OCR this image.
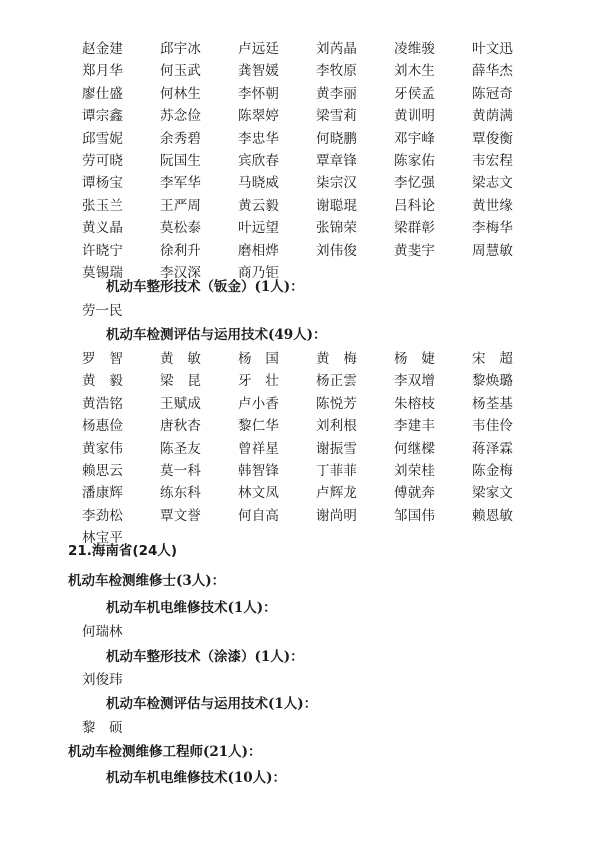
赵金建	邱宇冰	卢远廷	刘芮晶	凌维骏	叶文迅
郑月华	何玉武	龚智媛	李牧原	刘木生	薛华杰
廖仕盛	何林生	李怀朝	黄李丽	牙侯孟	陈冠奇
谭宗鑫	苏念俭	陈翠婷	梁雪莉	黄训明	黄荫满
邱雪妮	余秀碧	李忠华	何晓鹏	邓宇峰	覃俊衡
劳可晓	阮国生	宾欣春	覃章锋	陈家佑	韦宏程
谭杨宝	李军华	马晓威	柒宗汉	李忆强	梁志文
张玉兰	王严周	黄云毅	谢聪琨	吕科论	黄世缘
黄义晶	莫松泰	叶远望	张锦荣	梁群彰	李梅华
许晓宁	徐利升	磨相烨	刘伟俊	黄斐宇	周慧敏
莫锡瑞	李汉深	商乃钜
机动车整形技术（钣金）(1人)：
劳一民
机动车检测评估与运用技术(49人)：
罗　智	黄　敏	杨　国	黄　梅	杨　婕	宋　超
黄　毅	梁　昆	牙　壮	杨正雲	李双增	黎焕璐
黄浩铭	王赋成	卢小香	陈悦芳	朱榕枝	杨荃基
杨惠俭	唐秋杏	黎仁华	刘利根	李建丰	韦佳伶
黄家伟	陈圣友	曾祥星	谢振雪	何继樑	蒋泽霖
赖思云	莫一科	韩智锋	丁菲菲	刘荣桂	陈金梅
潘康辉	练东科	林文凤	卢辉龙	傅就奔	梁家文
李劲松	覃文誉	何自高	谢尚明	邹国伟	赖恩敏
林宝平
21.海南省(24人)
机动车检测维修士(3人)：
机动车机电维修技术(1人)：
何瑞林
机动车整形技术（涂漆）(1人)：
刘俊玮
机动车检测评估与运用技术(1人)：
黎　硕
机动车检测维修工程师(21人)：
机动车机电维修技术(10人)：
